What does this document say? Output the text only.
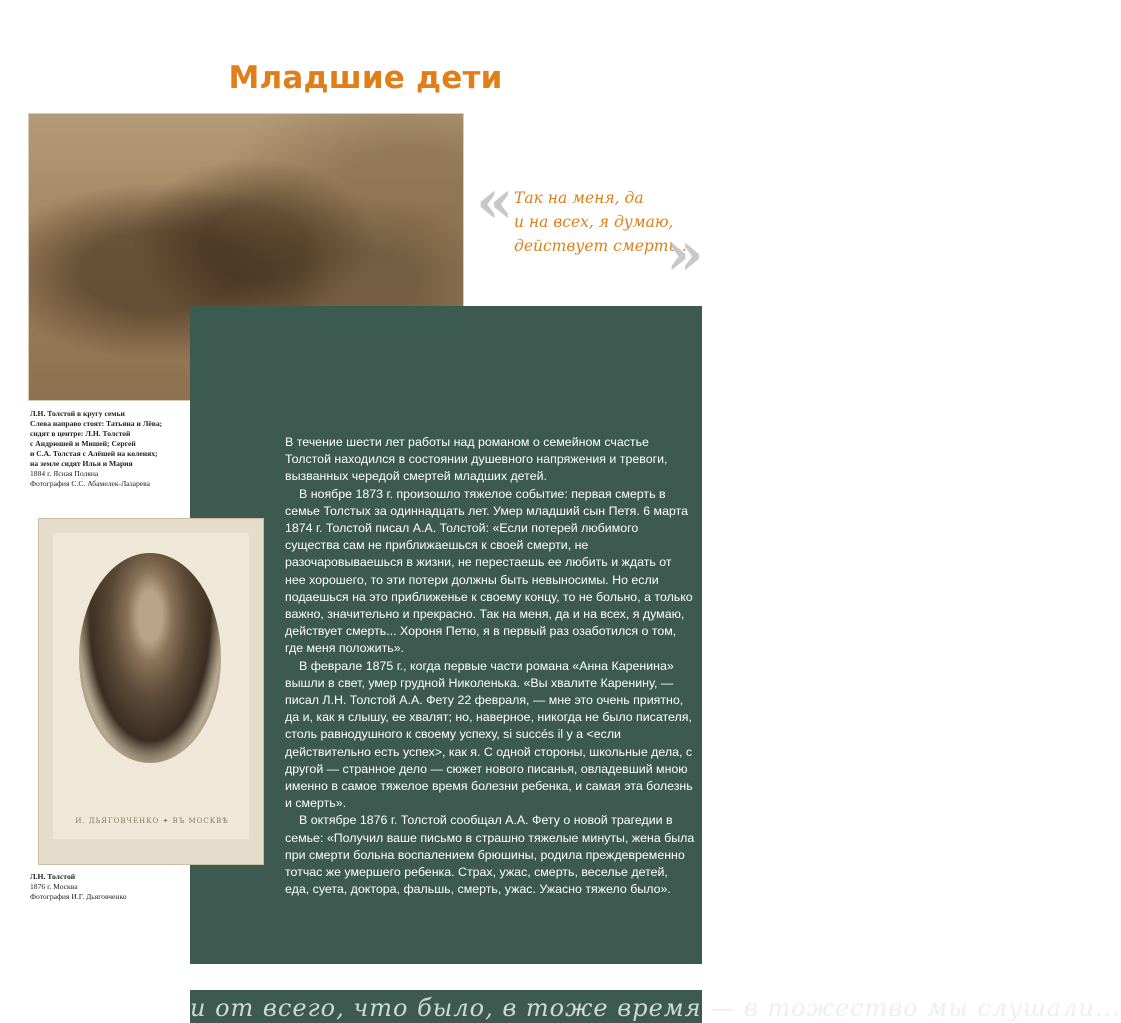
Младшие дети
« Так на меня, да
и на всех, я думаю,
действует смерть...
»
Л.Н. Толстой в кругу семьи
Слева направо стоят: Татьяна и Лёва;
сидят в центре: Л.Н. Толстой
с Андрюшей и Мишей; Сергей
и С.А. Толстая с Алёшей на коленях;
на земле сидят Илья и Мария
1884 г. Ясная Поляна
Фотография С.С. Абамелек-Лазарева

В течение шести лет работы над романом о семейном счастье Толстой находился в состоянии душевного напряжения и тревоги, вызванных чередой смертей младших детей.

В ноябре 1873 г. произошло тяжелое событие: первая смерть в семье Толстых за одиннадцать лет. Умер младший сын Петя. 6 марта 1874 г. Толстой писал А.А. Толстой: «Если потерей любимого существа сам не приближаешься к своей смерти, не разочаровываешься в жизни, не перестаешь ее любить и ждать от нее хорошего, то эти потери должны быть невыносимы. Но если подаешься на это приближенье к своему концу, то не больно, а только важно, значительно и прекрасно. Так на меня, да и на всех, я думаю, действует смерть... Хороня Петю, я в первый раз озаботился о том, где меня положить».

В феврале 1875 г., когда первые части романа «Анна Каренина» вышли в свет, умер грудной Николенька. «Вы хвалите Каренину, — писал Л.Н. Толстой А.А. Фету 22 февраля, — мне это очень приятно, да и, как я слышу, ее хвалят; но, наверное, никогда не было писателя, столь равнодушного к своему успеху, si succés il y a <если действительно есть успех>, как я. С одной стороны, школьные дела, с другой — странное дело — сюжет нового писанья, овладевший мною именно в самое тяжелое время болезни ребенка, и самая эта болезнь и смерть».

В октябре 1876 г. Толстой сообщал А.А. Фету о новой трагедии в семье: «Получил ваше письмо в страшно тяжелые минуты, жена была при смерти больна воспалением брюшины, родила преждевременно тотчас же умершего ребенка. Страх, ужас, смерть, веселье детей, еда, суета, доктора, фальшь, смерть, ужас. Ужасно тяжело было».

И. ДЬЯГОВЧЕНКО ✦ ВЪ МОСКВѢ
Л.Н. Толстой
1876 г. Москва
Фотография И.Г. Дьяговченко
и от всего, что было, в тоже время — в тожество мы слушали...
